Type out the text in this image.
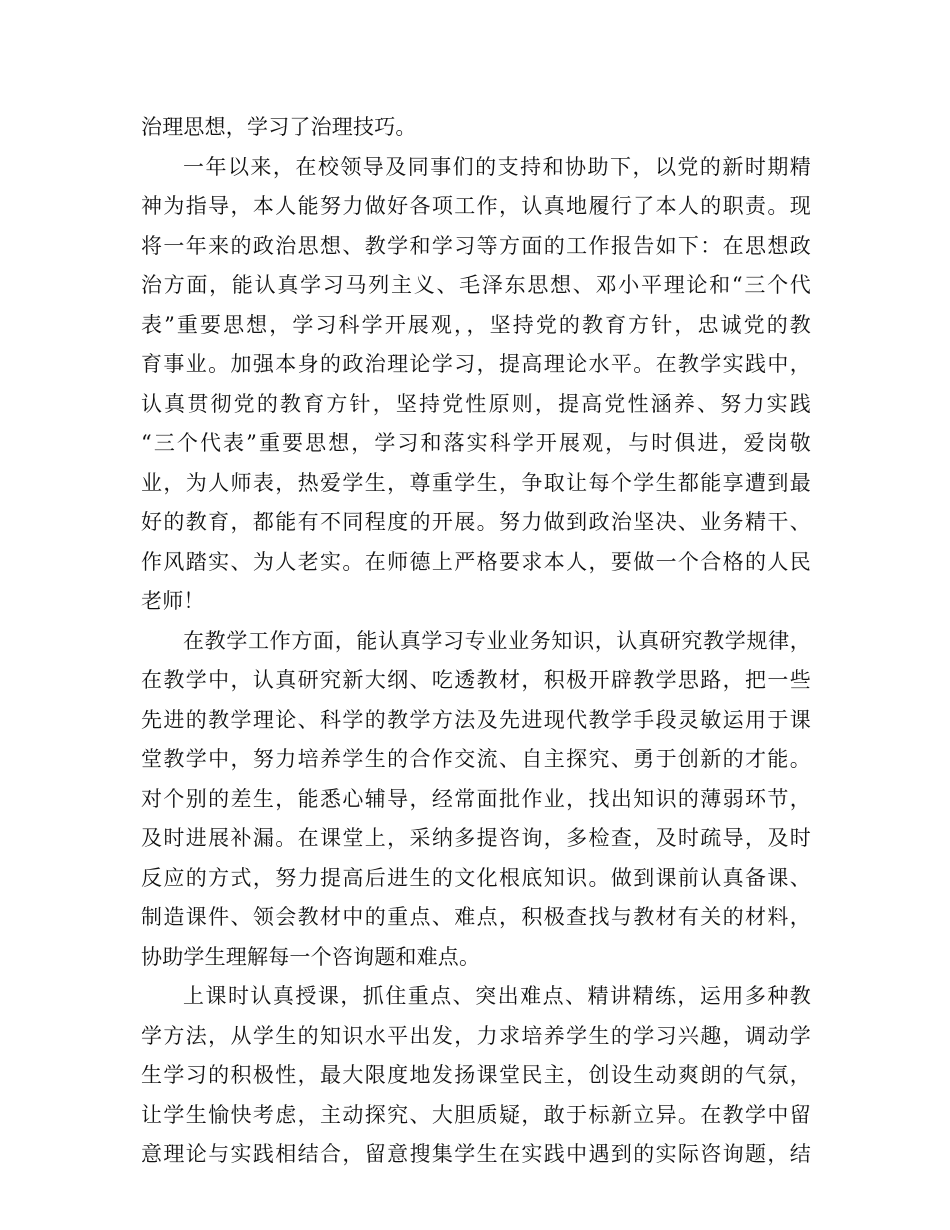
治理思想，学习了治理技巧。
一年以来，在校领导及同事们的支持和协助下，以党的新时期精
神为指导，本人能努力做好各项工作，认真地履行了本人的职责。现
将一年来的政治思想、教学和学习等方面的工作报告如下：在思想政
治方面，能认真学习马列主义、毛泽东思想、邓小平理论和“三个代
表”重要思想，学习科学开展观，，坚持党的教育方针，忠诚党的教
育事业。加强本身的政治理论学习，提高理论水平。在教学实践中，
认真贯彻党的教育方针，坚持党性原则，提高党性涵养、努力实践
“三个代表”重要思想，学习和落实科学开展观，与时俱进，爱岗敬
业，为人师表，热爱学生，尊重学生，争取让每个学生都能享遭到最
好的教育，都能有不同程度的开展。努力做到政治坚决、业务精干、
作风踏实、为人老实。在师德上严格要求本人，要做一个合格的人民
老师！
在教学工作方面，能认真学习专业业务知识，认真研究教学规律，
在教学中，认真研究新大纲、吃透教材，积极开辟教学思路，把一些
先进的教学理论、科学的教学方法及先进现代教学手段灵敏运用于课
堂教学中，努力培养学生的合作交流、自主探究、勇于创新的才能。
对个别的差生，能悉心辅导，经常面批作业，找出知识的薄弱环节，
及时进展补漏。在课堂上，采纳多提咨询，多检查，及时疏导，及时
反应的方式，努力提高后进生的文化根底知识。做到课前认真备课、
制造课件、领会教材中的重点、难点，积极查找与教材有关的材料，
协助学生理解每一个咨询题和难点。
上课时认真授课，抓住重点、突出难点、精讲精练，运用多种教
学方法，从学生的知识水平出发，力求培养学生的学习兴趣，调动学
生学习的积极性，最大限度地发扬课堂民主，创设生动爽朗的气氛，
让学生愉快考虑，主动探究、大胆质疑，敢于标新立异。在教学中留
意理论与实践相结合，留意搜集学生在实践中遇到的实际咨询题，结
